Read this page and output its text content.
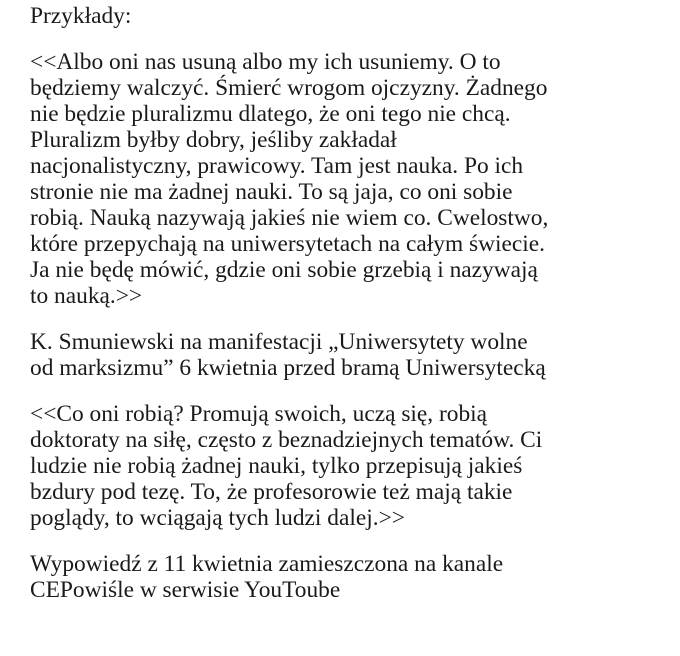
Przykłady:

<<Albo oni nas usuną albo my ich usuniemy. O to
będziemy walczyć. Śmierć wrogom ojczyzny. Żadnego
nie będzie pluralizmu dlatego, że oni tego nie chcą.
Pluralizm byłby dobry, jeśliby zakładał
nacjonalistyczny, prawicowy. Tam jest nauka. Po ich
stronie nie ma żadnej nauki. To są jaja, co oni sobie
robią. Nauką nazywają jakieś nie wiem co. Cwelostwo,
które przepychają na uniwersytetach na całym świecie.
Ja nie będę mówić, gdzie oni sobie grzebią i nazywają
to nauką.>>

K. Smuniewski na manifestacji „Uniwersytety wolne
od marksizmu” 6 kwietnia przed bramą Uniwersytecką

<<Co oni robią? Promują swoich, uczą się, robią
doktoraty na siłę, często z beznadziejnych tematów. Ci
ludzie nie robią żadnej nauki, tylko przepisują jakieś
bzdury pod tezę. To, że profesorowie też mają takie
poglądy, to wciągają tych ludzi dalej.>>

Wypowiedź z 11 kwietnia zamieszczona na kanale
CEPowiśle w serwisie YouToube
